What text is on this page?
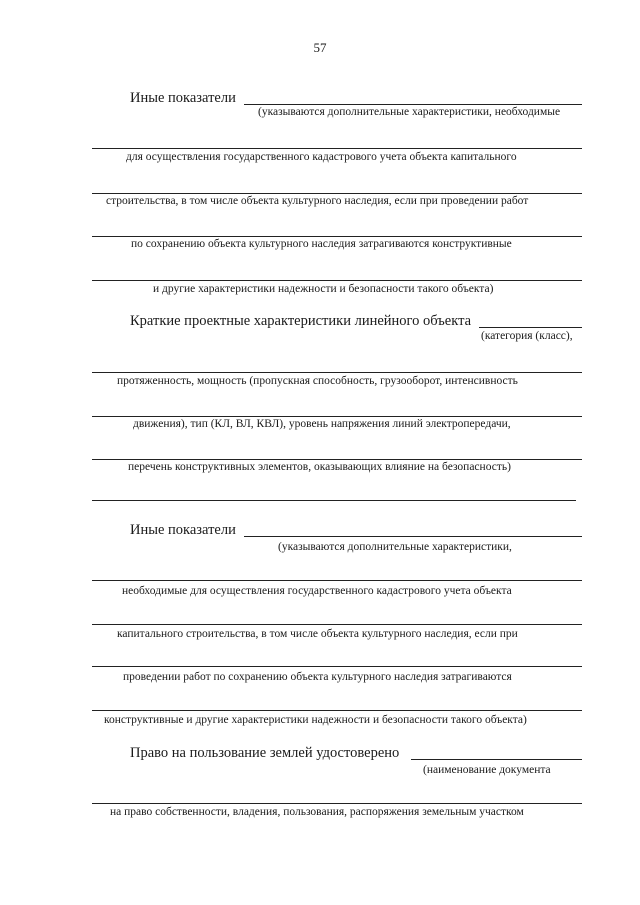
57
Иные показатели
(указываются дополнительные характеристики, необходимые
для осуществления государственного кадастрового учета объекта капитального
строительства, в том числе объекта культурного наследия, если при проведении работ
по сохранению объекта культурного наследия затрагиваются конструктивные
и другие характеристики надежности и безопасности такого объекта)
Краткие проектные характеристики линейного объекта
(категория (класс),
протяженность, мощность (пропускная способность, грузооборот, интенсивность
движения), тип (КЛ, ВЛ, КВЛ), уровень напряжения линий электропередачи,
перечень конструктивных элементов, оказывающих влияние на безопасность)
Иные показатели
(указываются дополнительные характеристики,
необходимые для осуществления государственного кадастрового учета объекта
капитального строительства, в том числе объекта культурного наследия, если при
проведении работ по сохранению объекта культурного наследия затрагиваются
конструктивные и другие характеристики надежности и безопасности такого объекта)
Право на пользование землей удостоверено
(наименование документа
на право собственности, владения, пользования, распоряжения земельным участком
